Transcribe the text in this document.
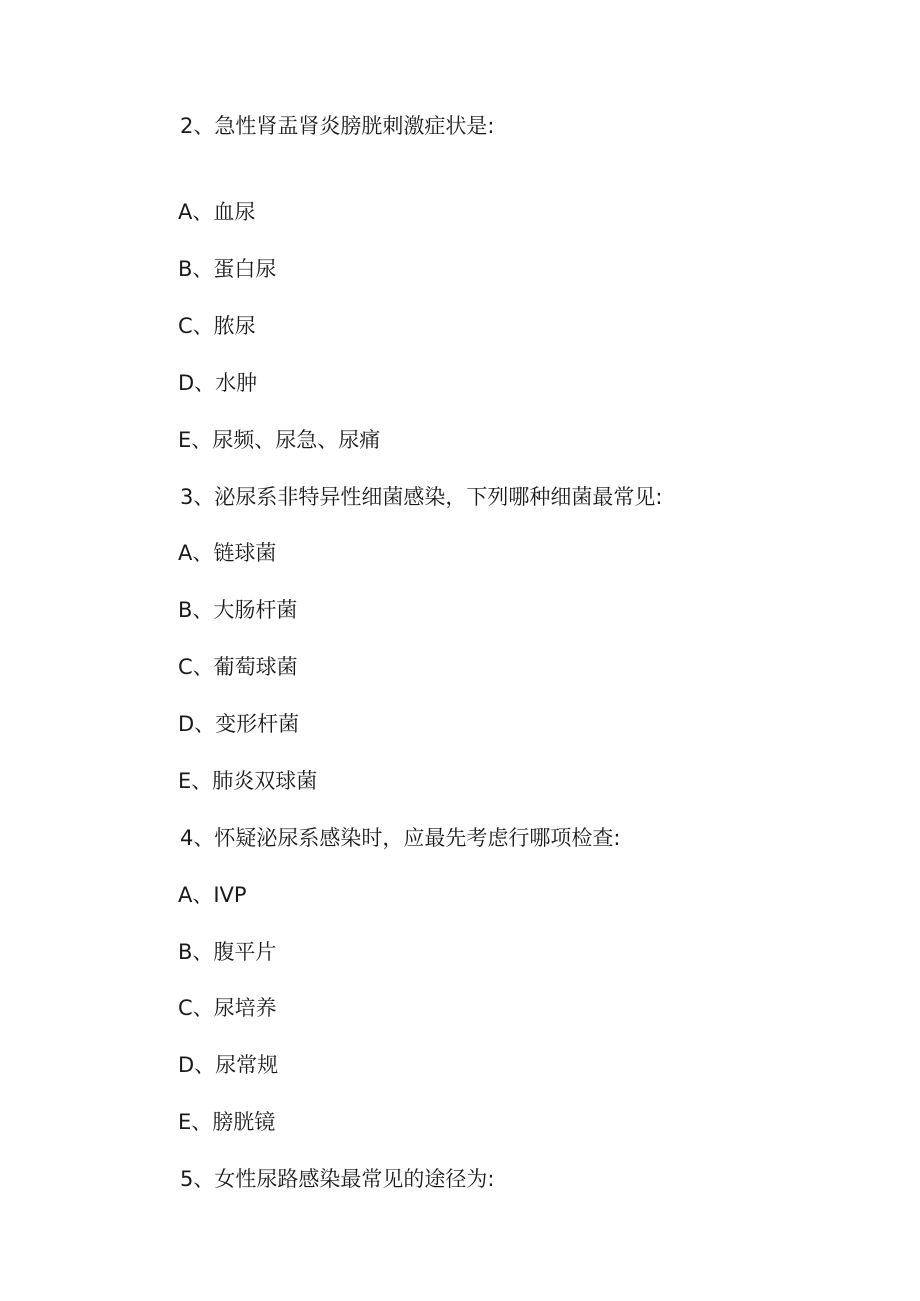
2、急性肾盂肾炎膀胱刺激症状是:
A、血尿
B、蛋白尿
C、脓尿
D、水肿
E、尿频、尿急、尿痛
3、泌尿系非特异性细菌感染，下列哪种细菌最常见:
A、链球菌
B、大肠杆菌
C、葡萄球菌
D、变形杆菌
E、肺炎双球菌
4、怀疑泌尿系感染时，应最先考虑行哪项检查:
A、IVP
B、腹平片
C、尿培养
D、尿常规
E、膀胱镜
5、女性尿路感染最常见的途径为:
